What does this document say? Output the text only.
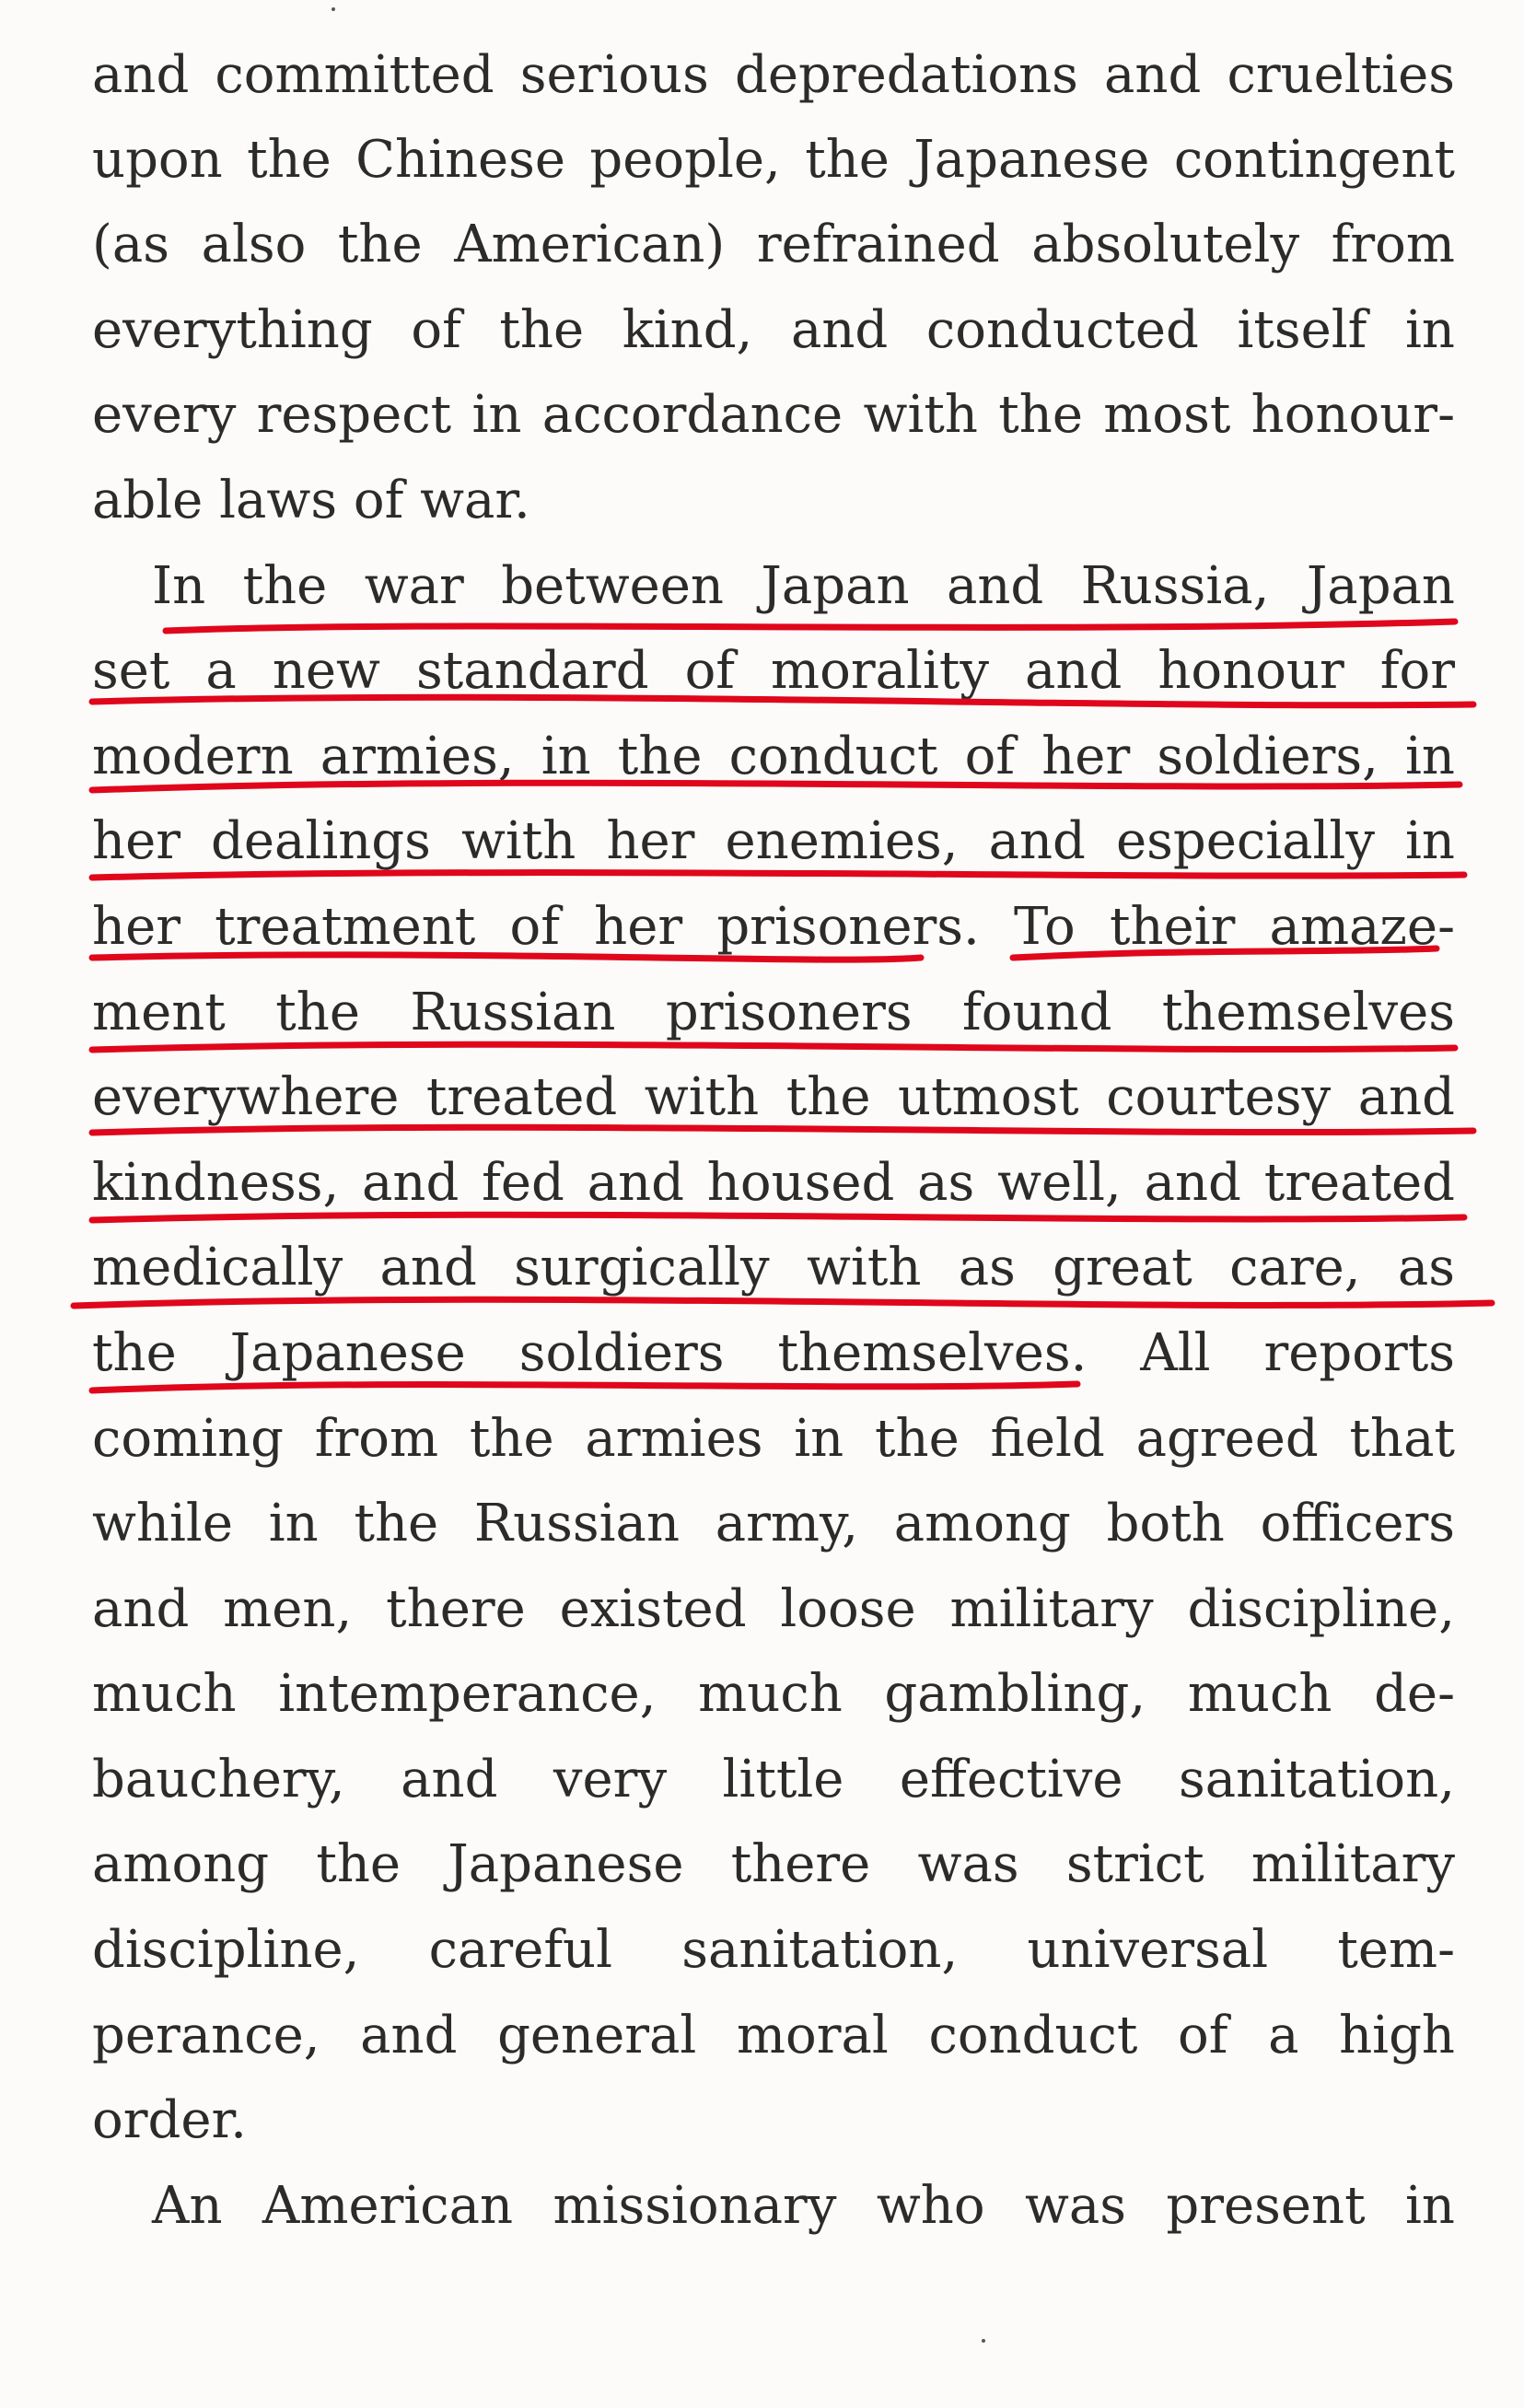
and committed serious depredations and cruelties
upon the Chinese people, the Japanese contingent
(as also the American) refrained absolutely from
everything of the kind, and conducted itself in
every respect in accordance with the most honour-
able laws of war.
In the war between Japan and Russia, Japan
set a new standard of morality and honour for
modern armies, in the conduct of her soldiers, in
her dealings with her enemies, and especially in
her treatment of her prisoners. To their amaze-
ment the Russian prisoners found themselves
everywhere treated with the utmost courtesy and
kindness, and fed and housed as well, and treated
medically and surgically with as great care, as
the Japanese soldiers themselves. All reports
coming from the armies in the field agreed that
while in the Russian army, among both officers
and men, there existed loose military discipline,
much intemperance, much gambling, much de-
bauchery, and very little effective sanitation,
among the Japanese there was strict military
discipline, careful sanitation, universal tem-
perance, and general moral conduct of a high
order.
An American missionary who was present in
